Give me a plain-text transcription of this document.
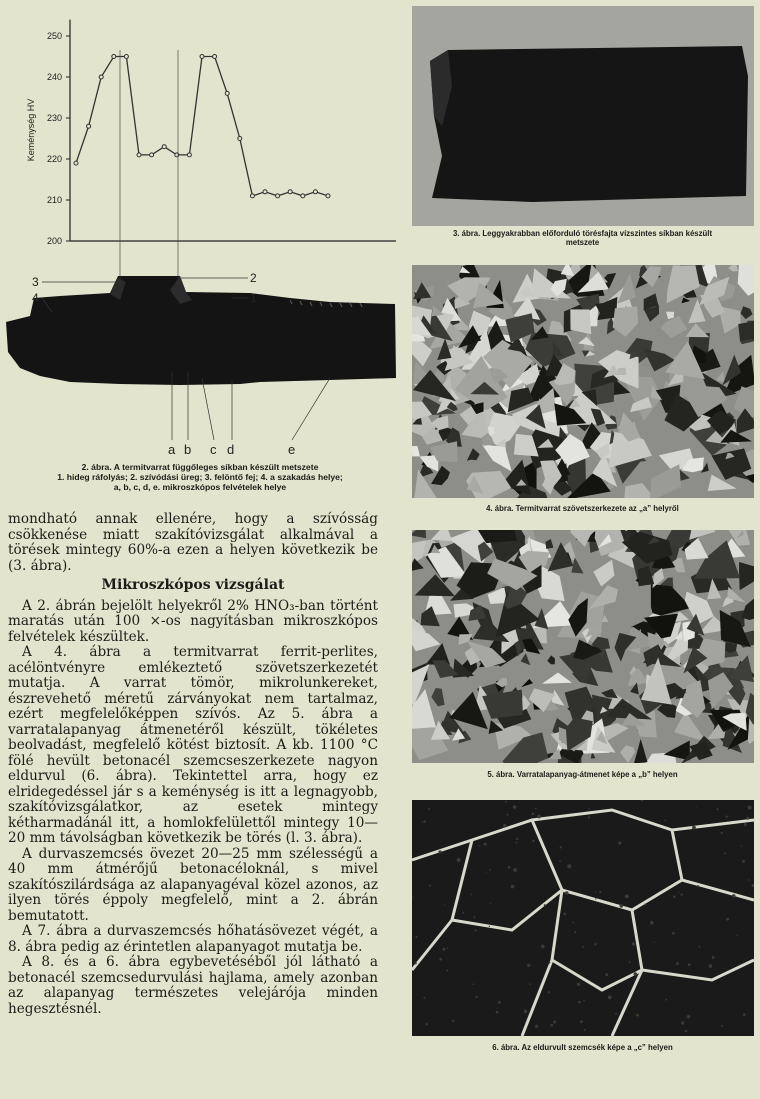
200
210
220
230
240
250
Keménység HV
3
4
2
1
a b c d	e
2. ábra. A termitvarrat függőleges síkban készült metszete
1. hideg ráfolyás; 2. szívódási üreg; 3. felöntő fej; 4. a szakadás helye;
a, b, c, d, e. mikroszkópos felvételek helye

mondható annak ellenére, hogy a szívósság csökkenése miatt szakítóvizsgálat alkalmával a törések mintegy 60%-a ezen a helyen következik be (3. ábra).

Mikroszkópos vizsgálat

A 2. ábrán bejelölt helyekről 2% HNO₃-ban történt maratás után 100 ×-os nagyításban mikroszkópos felvételek készültek.

A 4. ábra a termitvarrat ferrit-perlites, acélöntvényre emlékeztető szövetszerkezetét mutatja. A varrat tömör, mikrolunkereket, észrevehető méretű zárványokat nem tartalmaz, ezért megfelelőképpen szívós. Az 5. ábra a varratalapanyag átmenetéről készült, tökéletes beolvadást, megfelelő kötést biztosít. A kb. 1100 °C fölé hevült betonacél szemcseszerkezete nagyon eldurvul (6. ábra). Tekintettel arra, hogy ez elridegedéssel jár s a keménység is itt a legnagyobb, szakítóvizsgálatkor, az esetek mintegy kétharmadánál itt, a homlokfelülettől mintegy 10—20 mm távolságban következik be törés (l. 3. ábra).

A durvaszemcsés övezet 20—25 mm szélességű a 40 mm átmérőjű betonacéloknál, s mivel szakítószilárdsága az alapanyagéval közel azonos, az ilyen törés éppoly megfelelő, mint a 2. ábrán bemutatott.

A 7. ábra a durvaszemcsés hőhatásövezet végét, a 8. ábra pedig az érintetlen alapanyagot mutatja be.

A 8. és a 6. ábra egybevetéséből jól látható a betonacél szemcsedurvulási hajlama, amely azonban az alapanyag természetes velejárója minden hegesztésnél.

3. ábra. Leggyakrabban előforduló törésfajta vízszintes síkban készült
metszete
4. ábra. Termitvarrat szövetszerkezete az „a” helyről
5. ábra. Varratalapanyag-átmenet képe a „b” helyen
6. ábra. Az eldurvult szemcsék képe a „c” helyen
